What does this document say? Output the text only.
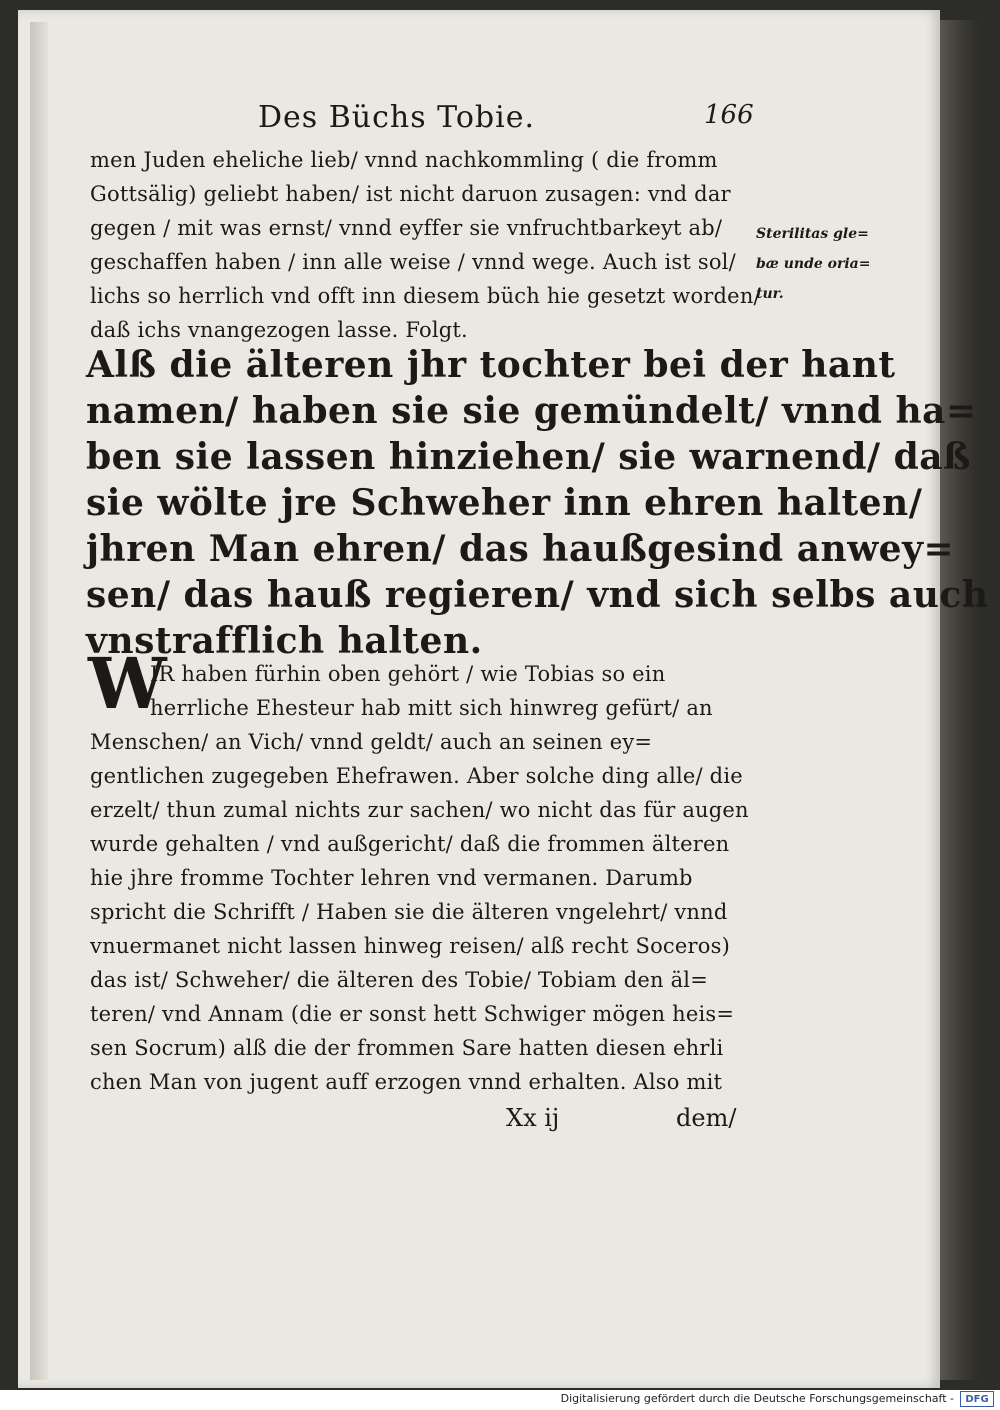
Des Büchs Tobie.	166
men Juden eheliche lieb/ vnnd nachkommling ( die fromm
Gottsälig) geliebt haben/ ist nicht daruon zusagen: vnd dar
gegen / mit was ernst/ vnnd eyffer sie vnfruchtbarkeyt ab/
geschaffen haben / inn alle weise / vnnd wege. Auch ist sol/
lichs so herrlich vnd offt inn diesem büch hie gesetzt worden/
daß ichs vnangezogen lasse. Folgt.
Sterilitas gle=
bæ unde oria=
tur.
Alß die älteren jhr tochter bei der hant
namen/ haben sie sie gemündelt/ vnnd ha=
ben sie lassen hinziehen/ sie warnend/ daß
sie wölte jre Schweher inn ehren halten/
jhren Man ehren/ das haußgesind anwey=
sen/ das hauß regieren/ vnd sich selbs auch
vnstrafflich halten.
W
IR haben fürhin oben gehört / wie Tobias so ein
herrliche Ehesteur hab mitt sich hinwreg gefürt/ an
Menschen/ an Vich/ vnnd geldt/ auch an seinen ey=
gentlichen zugegeben Ehefrawen. Aber solche ding alle/ die
erzelt/ thun zumal nichts zur sachen/ wo nicht das für augen
wurde gehalten / vnd außgericht/ daß die frommen älteren
hie jhre fromme Tochter lehren vnd vermanen. Darumb
spricht die Schrifft / Haben sie die älteren vngelehrt/ vnnd
vnuermanet nicht lassen hinweg reisen/ alß recht Soceros)
das ist/ Schweher/ die älteren des Tobie/ Tobiam den äl=
teren/ vnd Annam (die er sonst hett Schwiger mögen heis=
sen Socrum) alß die der frommen Sare hatten diesen ehrli
chen Man von jugent auff erzogen vnnd erhalten. Also mit
Xx ij	dem/
Digitalisierung gefördert durch die Deutsche Forschungsgemeinschaft -	DFG
